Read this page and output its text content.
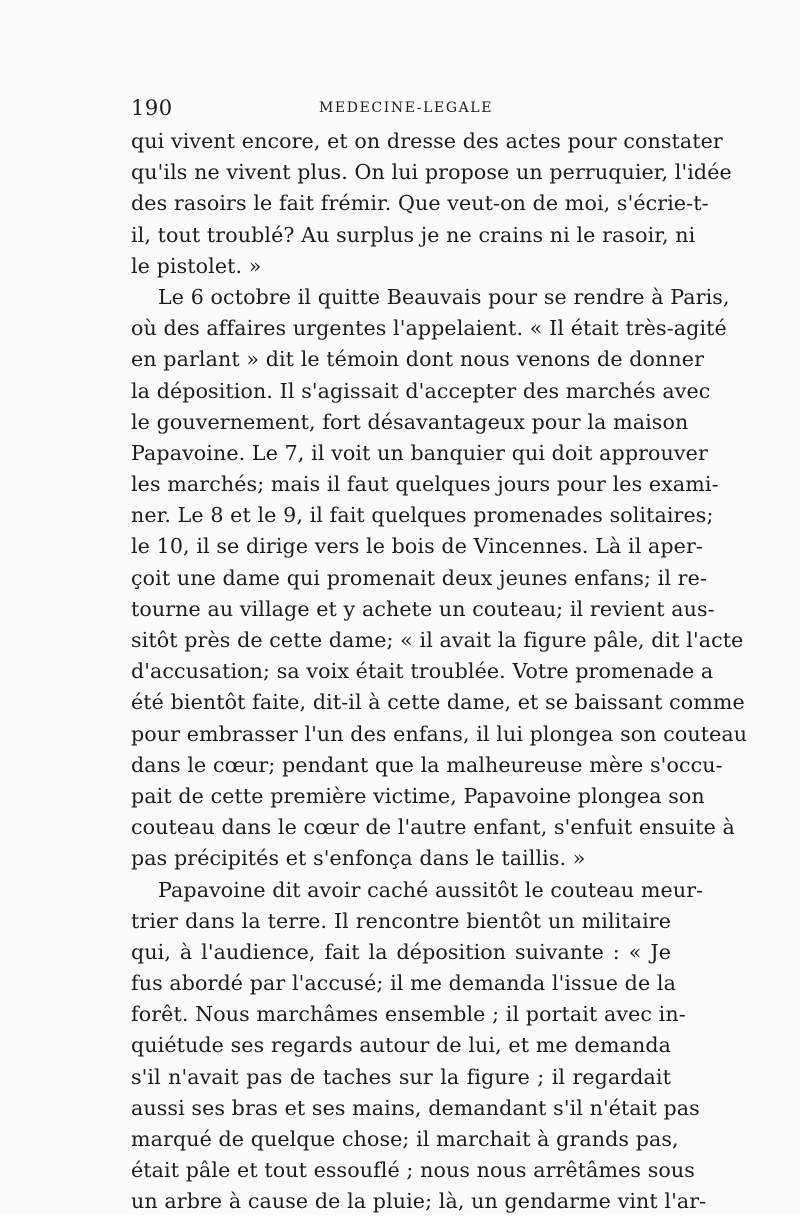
190	MEDECINE-LEGALE
qui vivent encore, et on dresse des actes pour constater
qu'ils ne vivent plus. On lui propose un perruquier, l'idée
des rasoirs le fait frémir. Que veut-on de moi, s'écrie-t-
il, tout troublé? Au surplus je ne crains ni le rasoir, ni
le pistolet. »
Le 6 octobre il quitte Beauvais pour se rendre à Paris,
où des affaires urgentes l'appelaient. « Il était très-agité
en parlant » dit le témoin dont nous venons de donner
la déposition. Il s'agissait d'accepter des marchés avec
le gouvernement, fort désavantageux pour la maison
Papavoine. Le 7, il voit un banquier qui doit approuver
les marchés; mais il faut quelques jours pour les exami-
ner. Le 8 et le 9, il fait quelques promenades solitaires;
le 10, il se dirige vers le bois de Vincennes. Là il aper-
çoit une dame qui promenait deux jeunes enfans; il re-
tourne au village et y achete un couteau; il revient aus-
sitôt près de cette dame; « il avait la figure pâle, dit l'acte
d'accusation; sa voix était troublée. Votre promenade a
été bientôt faite, dit-il à cette dame, et se baissant comme
pour embrasser l'un des enfans, il lui plongea son couteau
dans le cœur; pendant que la malheureuse mère s'occu-
pait de cette première victime, Papavoine plongea son
couteau dans le cœur de l'autre enfant, s'enfuit ensuite à
pas précipités et s'enfonça dans le taillis. »
Papavoine dit avoir caché aussitôt le couteau meur-
trier dans la terre. Il rencontre bientôt un militaire
qui, à l'audience, fait la déposition suivante : « Je
fus abordé par l'accusé; il me demanda l'issue de la
forêt. Nous marchâmes ensemble ; il portait avec in-
quiétude ses regards autour de lui, et me demanda
s'il n'avait pas de taches sur la figure ; il regardait
aussi ses bras et ses mains, demandant s'il n'était pas
marqué de quelque chose; il marchait à grands pas,
était pâle et tout essouflé ; nous nous arrêtâmes sous
un arbre à cause de la pluie; là, un gendarme vint l'ar-
